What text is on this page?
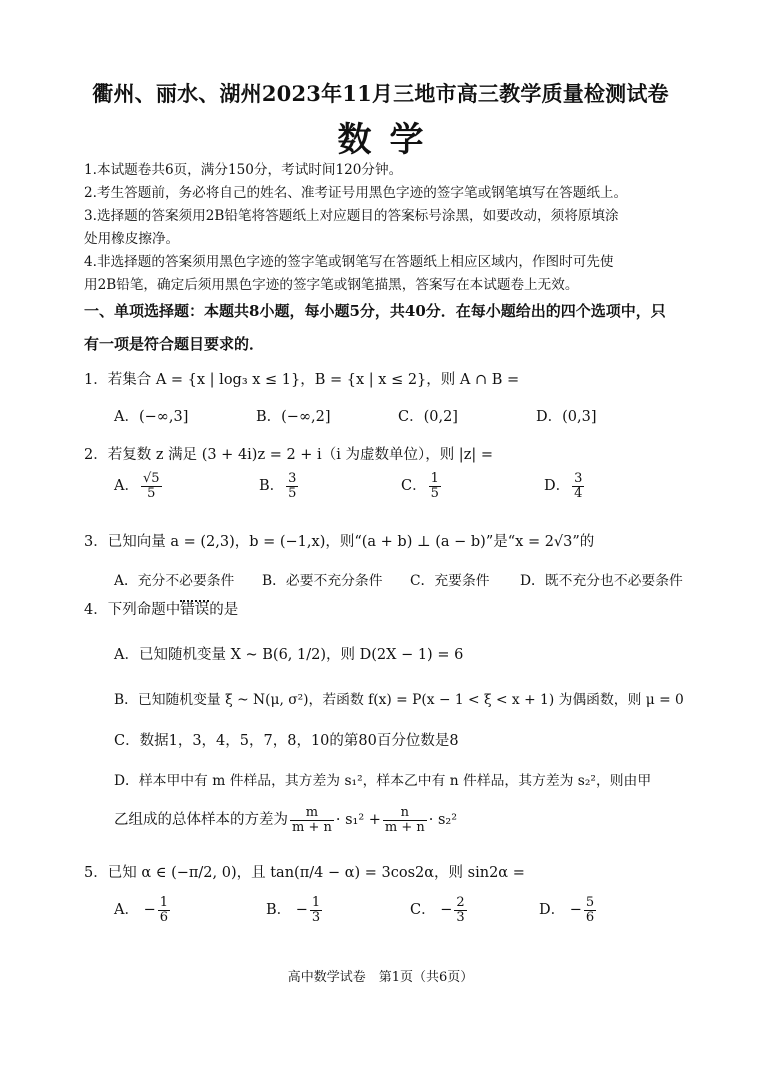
衢州、丽水、湖州2023年11月三地市高三教学质量检测试卷
数学
1.本试题卷共6页，满分150分，考试时间120分钟。
2.考生答题前，务必将自己的姓名、准考证号用黑色字迹的签字笔或钢笔填写在答题纸上。
3.选择题的答案须用2B铅笔将答题纸上对应题目的答案标号涂黑，如要改动，须将原填涂
处用橡皮擦净。
4.非选择题的答案须用黑色字迹的签字笔或钢笔写在答题纸上相应区域内，作图时可先使
用2B铅笔，确定后须用黑色字迹的签字笔或钢笔描黑，答案写在本试题卷上无效。
一、单项选择题：本题共8小题，每小题5分，共40分．在每小题给出的四个选项中，只
有一项是符合题目要求的．
1．若集合 A = {x | log₃ x ≤ 1}，B = {x | x ≤ 2}，则 A ∩ B =
A．(−∞,3]	B．(−∞,2]	C．(0,2]	D．(0,3]
2．若复数 z 满足 (3 + 4i)z = 2 + i（i 为虚数单位），则 |z| =
A． $\frac{√5}{5}$	B． $\frac{3}{5}$	C． $\frac{1}{5}$	D． $\frac{3}{4}$
3．已知向量 a = (2,3)，b = (−1,x)，则“(a + b) ⊥ (a − b)”是“x = 2√3”的
A．充分不必要条件 B．必要不充分条件 C．充要条件 D．既不充分也不必要条件
4．下列命题中错误的是
A．已知随机变量 X ~ B(6, 1/2)，则 D(2X − 1) = 6
B．已知随机变量 ξ ~ N(μ, σ²)，若函数 f(x) = P(x − 1 < ξ < x + 1) 为偶函数，则 μ = 0
C．数据1，3，4，5，7，8，10的第80百分位数是8
D．样本甲中有 m 件样品，其方差为 s₁²，样本乙中有 n 件样品，其方差为 s₂²，则由甲
乙组成的总体样本的方差为 $\frac{m}{m + n} \cdot s_1^2 + \frac{n}{m + n} \cdot s_2^2$
5．已知 α ∈ (−π/2, 0)，且 tan(π/4 − α) = 3cos2α，则 sin2α =
A． − $\frac{1}{6}$	B． − $\frac{1}{3}$	C． − $\frac{2}{3}$	D． − $\frac{5}{6}$
高中数学试卷　第1页（共6页）
